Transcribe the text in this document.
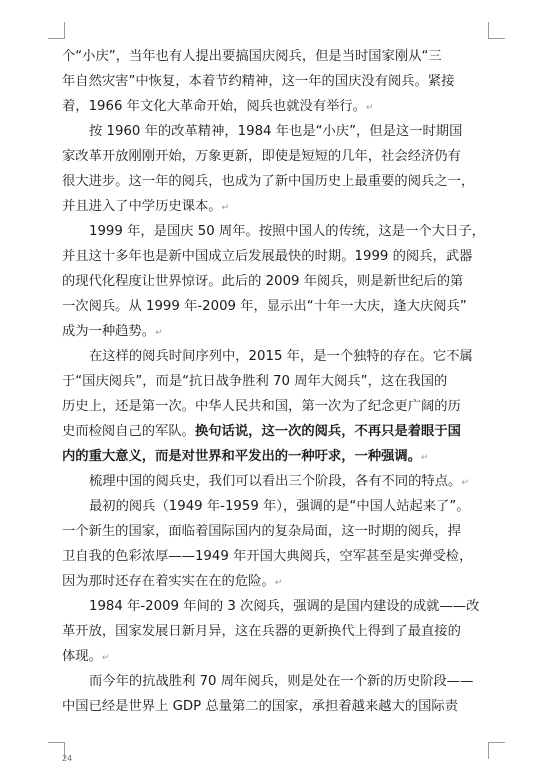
个“小庆”，当年也有人提出要搞国庆阅兵，但是当时国家刚从“三
年自然灾害”中恢复，本着节约精神，这一年的国庆没有阅兵。紧接
着，1966 年文化大革命开始，阅兵也就没有举行。 ↵
按 1960 年的改革精神，1984 年也是“小庆”，但是这一时期国
家改革开放刚刚开始，万象更新，即使是短短的几年，社会经济仍有
很大进步。这一年的阅兵，也成为了新中国历史上最重要的阅兵之一，
并且进入了中学历史课本。 ↵
1999 年，是国庆 50 周年。按照中国人的传统，这是一个大日子，
并且这十多年也是新中国成立后发展最快的时期。1999 的阅兵，武器
的现代化程度让世界惊讶。此后的 2009 年阅兵，则是新世纪后的第
一次阅兵。从 1999 年-2009 年，显示出“十年一大庆，逢大庆阅兵”
成为一种趋势。 ↵
在这样的阅兵时间序列中，2015 年，是一个独特的存在。它不属
于“国庆阅兵”，而是“抗日战争胜利 70 周年大阅兵”，这在我国的
历史上，还是第一次。中华人民共和国，第一次为了纪念更广阔的历
史而检阅自己的军队。换句话说，这一次的阅兵，不再只是着眼于国
内的重大意义，而是对世界和平发出的一种吁求，一种强调。 ↵
梳理中国的阅兵史，我们可以看出三个阶段，各有不同的特点。 ↵
最初的阅兵（1949 年-1959 年），强调的是“中国人站起来了”。
一个新生的国家，面临着国际国内的复杂局面，这一时期的阅兵，捍
卫自我的色彩浓厚——1949 年开国大典阅兵，空军甚至是实弹受检，
因为那时还存在着实实在在的危险。 ↵
1984 年-2009 年间的 3 次阅兵，强调的是国内建设的成就——改
革开放，国家发展日新月异，这在兵器的更新换代上得到了最直接的
体现。 ↵
而今年的抗战胜利 70 周年阅兵，则是处在一个新的历史阶段——
中国已经是世界上 GDP 总量第二的国家，承担着越来越大的国际责
24
